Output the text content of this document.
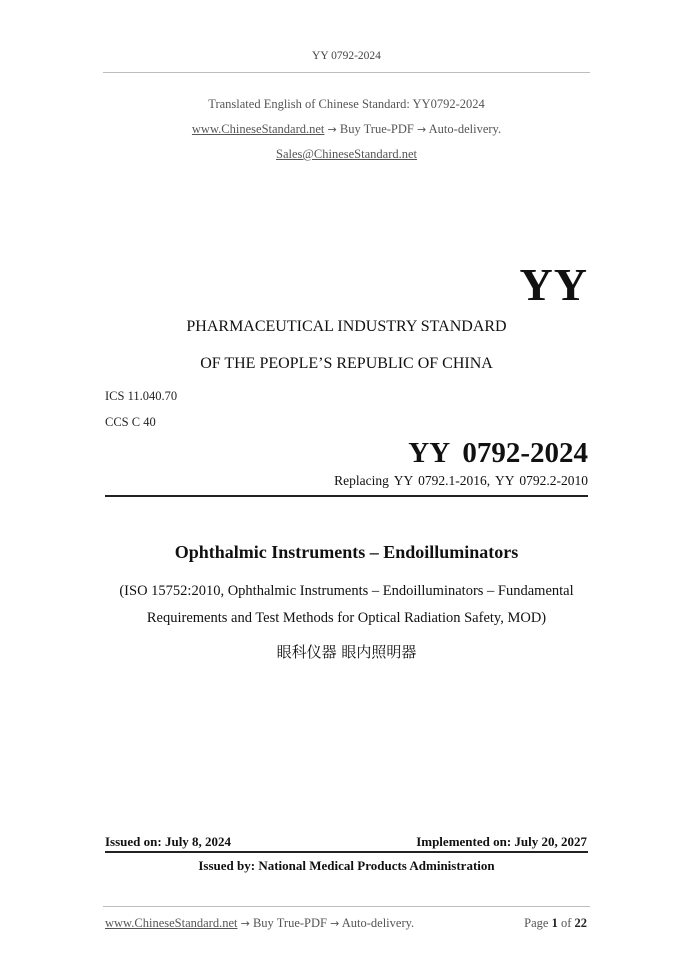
YY 0792-2024
Translated English of Chinese Standard: YY0792-2024
www.ChineseStandard.net → Buy True-PDF → Auto-delivery.
Sales@ChineseStandard.net
YY
PHARMACEUTICAL INDUSTRY STANDARD
OF THE PEOPLE’S REPUBLIC OF CHINA
ICS 11.040.70
CCS C 40
YY 0792-2024
Replacing YY 0792.1-2016, YY 0792.2-2010
Ophthalmic Instruments – Endoilluminators
(ISO 15752:2010, Ophthalmic Instruments – Endoilluminators – Fundamental
Requirements and Test Methods for Optical Radiation Safety, MOD)
眼科仪器 眼内照明器
Issued on: July 8, 2024	Implemented on: July 20, 2027
Issued by: National Medical Products Administration
www.ChineseStandard.net → Buy True-PDF → Auto-delivery.	Page 1 of 22
